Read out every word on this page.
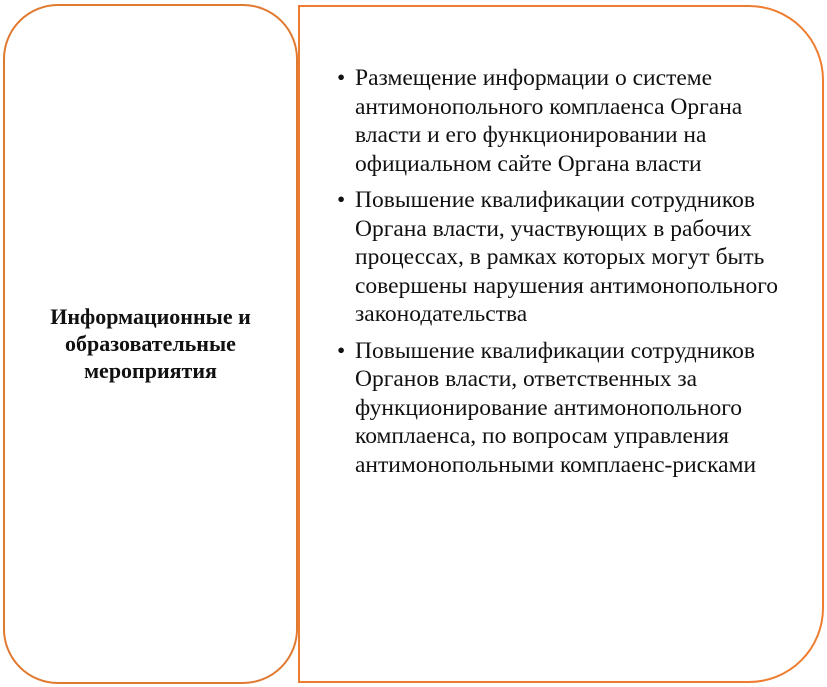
Информационные и образовательные мероприятия
• Размещение информации о системе антимонопольного комплаенса Органа власти и его функционировании на официальном сайте Органа власти
• Повышение квалификации сотрудников Органа власти, участвующих в рабочих процессах, в рамках которых могут быть совершены нарушения антимонопольного законодательства
• Повышение квалификации сотрудников Органов власти, ответственных за функционирование антимонопольного комплаенса, по вопросам управления антимонопольными комплаенс-рисками
